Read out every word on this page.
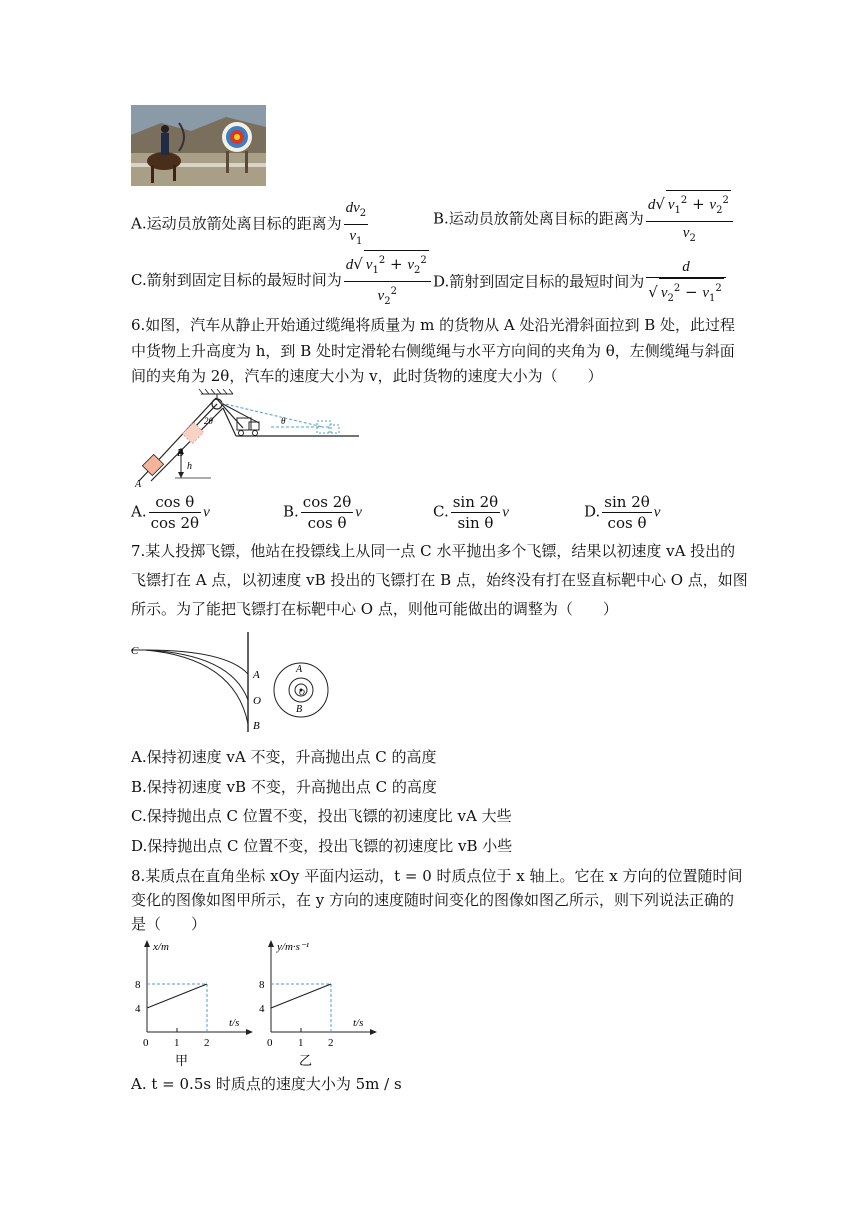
A.运动员放箭处离目标的距离为 $\frac{dv_2}{v_1}$	B.运动员放箭处离目标的距离为 $\frac{d√ v_1^2 + v_2^2}{v_2}$
C.箭射到固定目标的最短时间为 $\frac{d√ v_1^2 + v_2^2}{v_2^2} D$.箭射到固定目标的最短时间为 $\frac{d}{√ v_2^2 - v_1^2}$
6.如图，汽车从静止开始通过缆绳将质量为 m 的货物从 A 处沿光滑斜面拉到 B 处，此过程
中货物上升高度为 h，到 B 处时定滑轮右侧缆绳与水平方向间的夹角为 θ，左侧缆绳与斜面
间的夹角为 2θ，汽车的速度大小为 v，此时货物的速度大小为（　　）
A
B
h
2θ	θ
A. $\frac{\text{cos θ}}{\cos 2\theta}$ v	B. $\frac{\cos 2\theta}{\text{cos θ}}$ v	C. $\frac{\sin 2\theta}{\text{sin θ}}$ v	D. $\frac{\sin 2\theta}{\text{cos θ}}$ v
7.某人投掷飞镖，他站在投镖线上从同一点 C 水平抛出多个飞镖，结果以初速度 vA 投出的
飞镖打在 A 点，以初速度 vB 投出的飞镖打在 B 点，始终没有打在竖直标靶中心 O 点，如图
所示。为了能把飞镖打在标靶中心 O 点，则他可能做出的调整为（　　）
C
A
O
B
A
O
B
A.保持初速度 vA 不变，升高抛出点 C 的高度
B.保持初速度 vB 不变，升高抛出点 C 的高度
C.保持抛出点 C 位置不变，投出飞镖的初速度比 vA 大些
D.保持抛出点 C 位置不变，投出飞镖的初速度比 vB 小些
8.某质点在直角坐标 xOy 平面内运动，t = 0 时质点位于 x 轴上。它在 x 方向的位置随时间
变化的图像如图甲所示，在 y 方向的速度随时间变化的图像如图乙所示，则下列说法正确的
是（　　）
x/m
t/s
8
4
0 1 2
甲
y/m·s⁻¹
t/s
8
4
0 1 2
乙
A. t = 0.5s 时质点的速度大小为 5m / s
